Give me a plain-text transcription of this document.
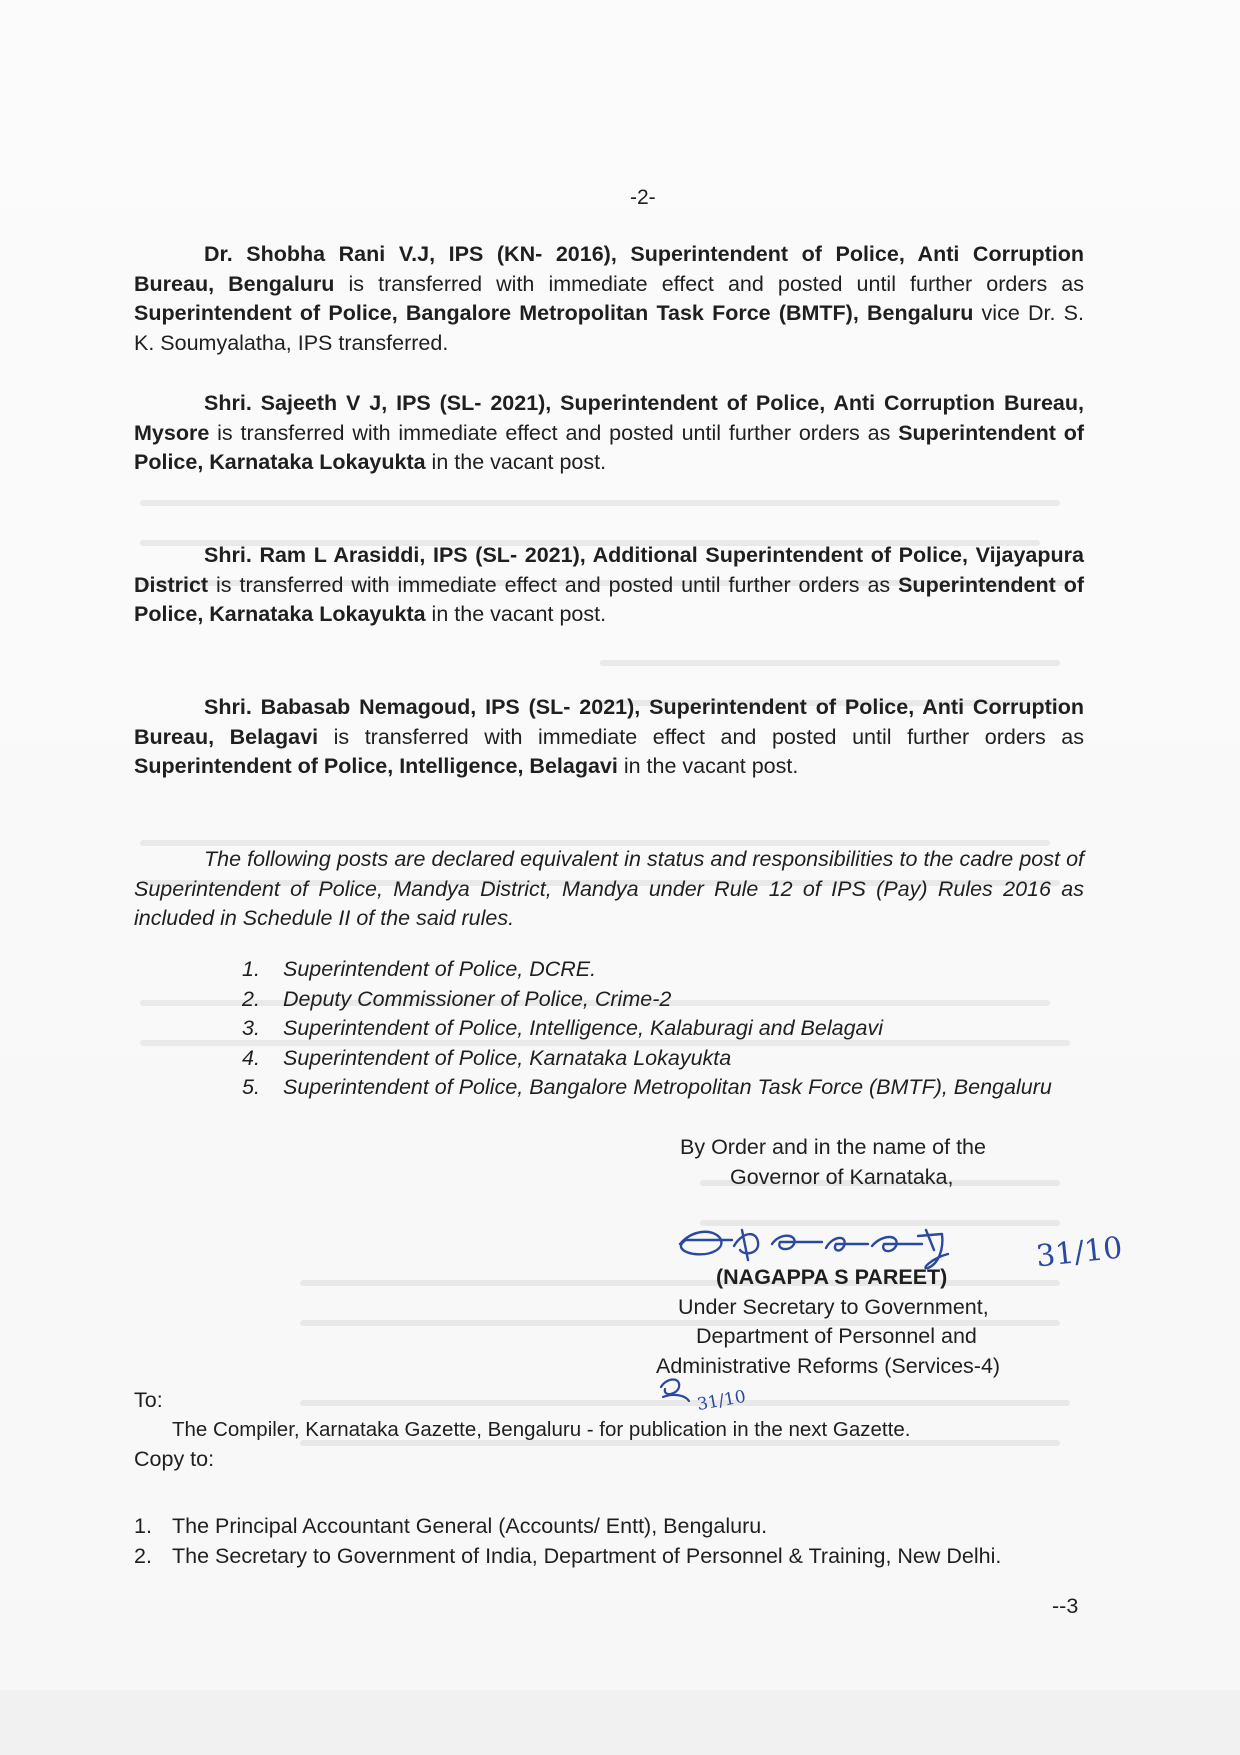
-2-
Dr. Shobha Rani V.J, IPS (KN- 2016), Superintendent of Police, Anti Corruption Bureau, Bengaluru is transferred with immediate effect and posted until further orders as Superintendent of Police, Bangalore Metropolitan Task Force (BMTF), Bengaluru vice Dr. S. K. Soumyalatha, IPS transferred.
Shri. Sajeeth V J, IPS (SL- 2021), Superintendent of Police, Anti Corruption Bureau, Mysore is transferred with immediate effect and posted until further orders as Superintendent of Police, Karnataka Lokayukta in the vacant post.
Shri. Ram L Arasiddi, IPS (SL- 2021), Additional Superintendent of Police, Vijayapura District is transferred with immediate effect and posted until further orders as Superintendent of Police, Karnataka Lokayukta in the vacant post.
Shri. Babasab Nemagoud, IPS (SL- 2021), Superintendent of Police, Anti Corruption Bureau, Belagavi is transferred with immediate effect and posted until further orders as Superintendent of Police, Intelligence, Belagavi in the vacant post.
The following posts are declared equivalent in status and responsibilities to the cadre post of Superintendent of Police, Mandya District, Mandya under Rule 12 of IPS (Pay) Rules 2016 as included in Schedule II of the said rules.
1. Superintendent of Police, DCRE.
2. Deputy Commissioner of Police, Crime-2
3. Superintendent of Police, Intelligence, Kalaburagi and Belagavi
4. Superintendent of Police, Karnataka Lokayukta
5. Superintendent of Police, Bangalore Metropolitan Task Force (BMTF), Bengaluru
By Order and in the name of the
Governor of Karnataka,
31/10
(NAGAPPA S PAREET)
Under Secretary to Government,
Department of Personnel and
Administrative Reforms (Services-4)
To:	31/10
The Compiler, Karnataka Gazette, Bengaluru - for publication in the next Gazette.
Copy to:
1. The Principal Accountant General (Accounts/ Entt), Bengaluru.
2. The Secretary to Government of India, Department of Personnel & Training, New Delhi.
--3
